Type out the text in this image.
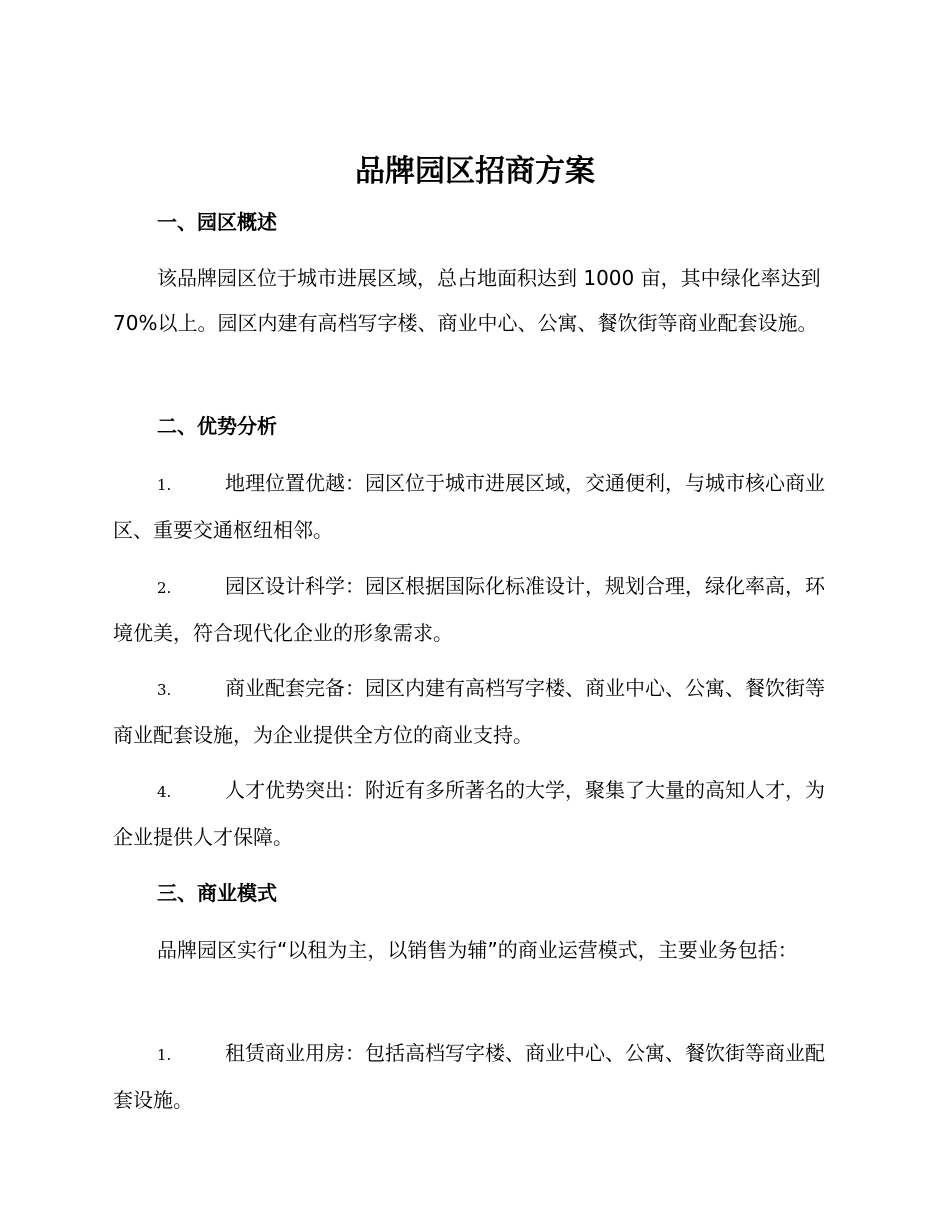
品牌园区招商方案
一、园区概述
该品牌园区位于城市进展区域，总占地面积达到 1000 亩，其中绿化率达到 70%以上。园区内建有高档写字楼、商业中心、公寓、餐饮街等商业配套设施。
二、优势分析
1.	地理位置优越：园区位于城市进展区域，交通便利，与城市核心商业区、重要交通枢纽相邻。
2.	园区设计科学：园区根据国际化标准设计，规划合理，绿化率高，环境优美，符合现代化企业的形象需求。
3.	商业配套完备：园区内建有高档写字楼、商业中心、公寓、餐饮街等商业配套设施，为企业提供全方位的商业支持。
4.	人才优势突出：附近有多所著名的大学，聚集了大量的高知人才，为企业提供人才保障。
三、商业模式
品牌园区实行“以租为主，以销售为辅”的商业运营模式，主要业务包括：
1.	租赁商业用房：包括高档写字楼、商业中心、公寓、餐饮街等商业配套设施。
